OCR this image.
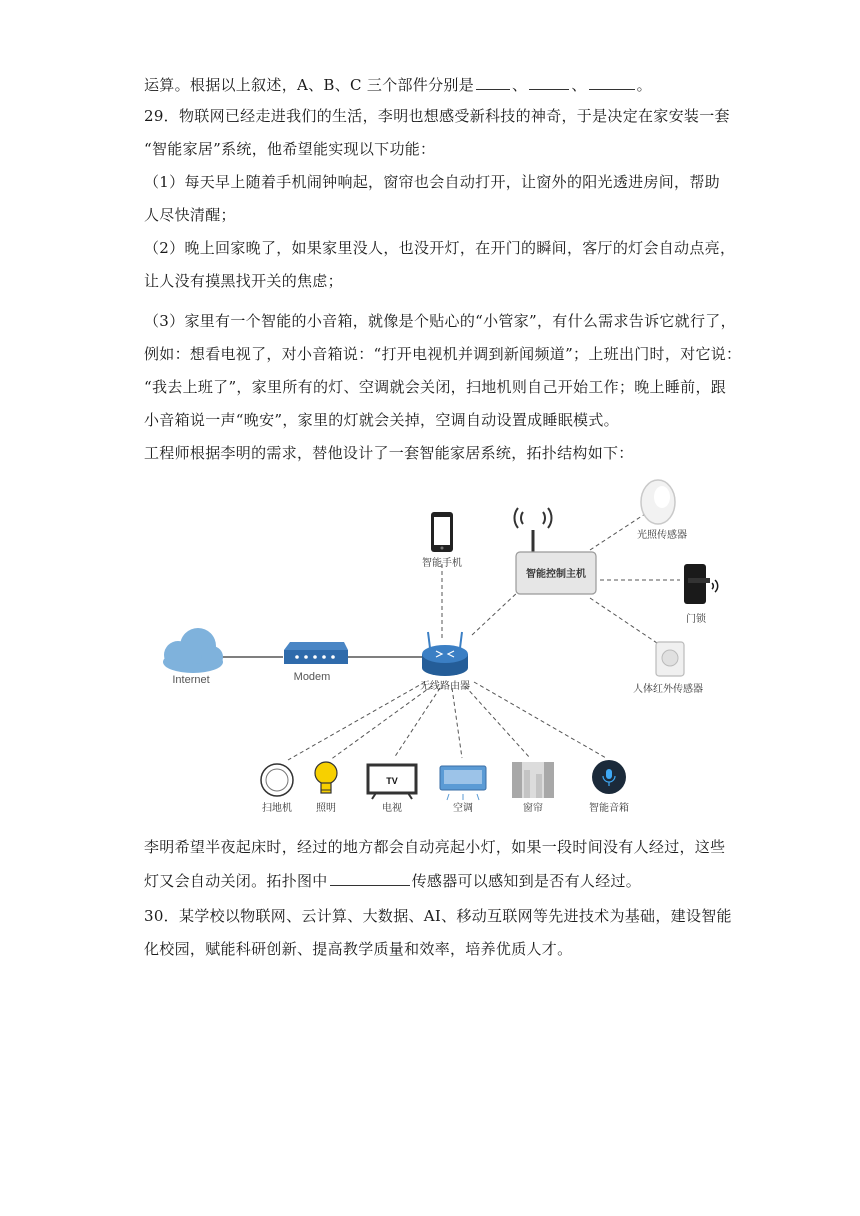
运算。根据以上叙述，A、B、C 三个部件分别是	、	、	。
29．物联网已经走进我们的生活，李明也想感受新科技的神奇，于是决定在家安装一套
“智能家居”系统，他希望能实现以下功能：
（1）每天早上随着手机闹钟响起，窗帘也会自动打开，让窗外的阳光透进房间，帮助
人尽快清醒；
（2）晚上回家晚了，如果家里没人，也没开灯，在开门的瞬间，客厅的灯会自动点亮，
让人没有摸黑找开关的焦虑；
（3）家里有一个智能的小音箱，就像是个贴心的“小管家”，有什么需求告诉它就行了，
例如：想看电视了，对小音箱说：“打开电视机并调到新闻频道”；上班出门时，对它说：
“我去上班了”，家里所有的灯、空调就会关闭，扫地机则自己开始工作；晚上睡前，跟
小音箱说一声“晚安”，家里的灯就会关掉，空调自动设置成睡眠模式。
工程师根据李明的需求，替他设计了一套智能家居系统，拓扑结构如下：
Internet	Modem
无线路由器
智能手机
智能控制主机
光照传感器
门锁
人体红外传感器
扫地机 照明
TV
电视	空调	窗帘	智能音箱
李明希望半夜起床时，经过的地方都会自动亮起小灯，如果一段时间没有人经过，这些
灯又会自动关闭。拓扑图中	传感器可以感知到是否有人经过。
30．某学校以物联网、云计算、大数据、AI、移动互联网等先进技术为基础，建设智能
化校园，赋能科研创新、提高教学质量和效率，培养优质人才。
